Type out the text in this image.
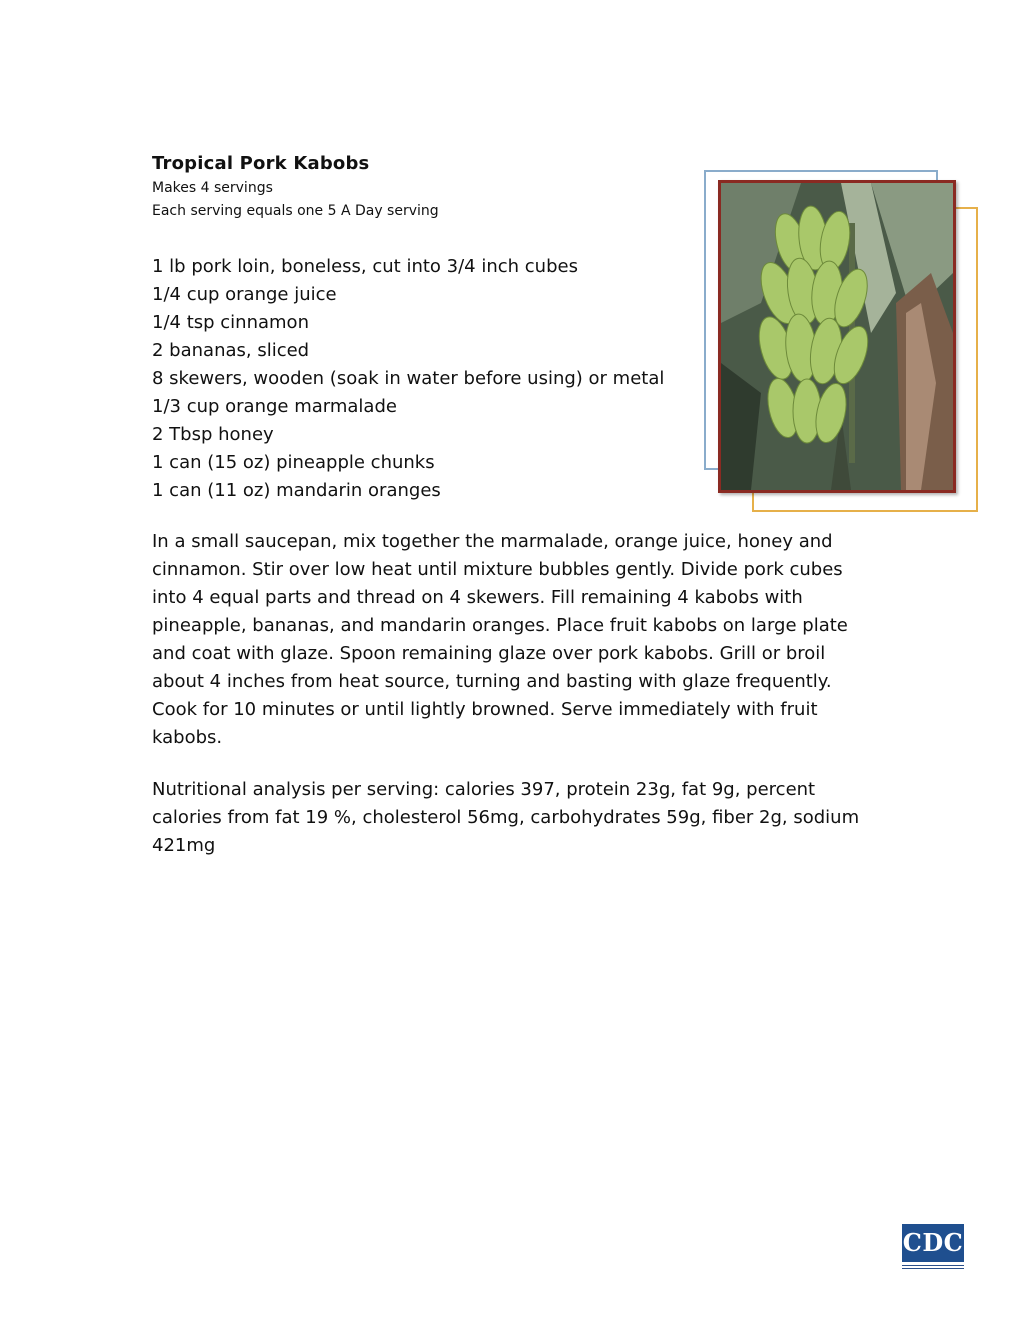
Tropical Pork Kabobs
Makes 4 servings
Each serving equals one 5 A Day serving
1 lb pork loin, boneless, cut into 3/4 inch cubes
1/4 cup orange juice
1/4 tsp cinnamon
2 bananas, sliced
8 skewers, wooden (soak in water before using) or metal
1/3 cup orange marmalade
2 Tbsp honey
1 can (15 oz) pineapple chunks
1 can (11 oz) mandarin oranges

In a small saucepan, mix together the marmalade, orange juice, honey and cinnamon. Stir over low heat until mixture bubbles gently. Divide pork cubes into 4 equal parts and thread on 4 skewers. Fill remaining 4 kabobs with pineapple, bananas, and mandarin oranges. Place fruit kabobs on large plate and coat with glaze. Spoon remaining glaze over pork kabobs. Grill or broil about 4 inches from heat source, turning and basting with glaze frequently. Cook for 10 minutes or until lightly browned. Serve immediately with fruit kabobs.

Nutritional analysis per serving: calories 397, protein 23g, fat 9g, percent calories from fat 19 %, cholesterol 56mg, carbohydrates 59g, fiber 2g, sodium 421mg

CDC
